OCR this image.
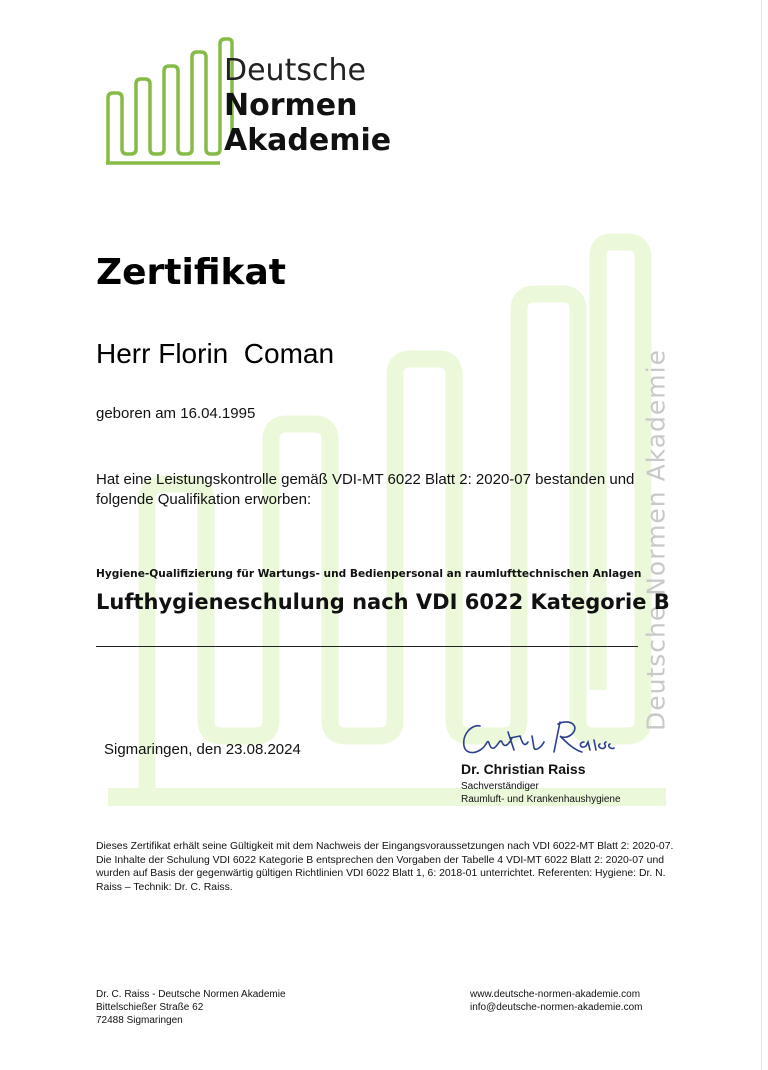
Deutsche Normen Akademie
Deutsche
Normen
Akademie
Zertifikat
Herr Florin  Coman
geboren am 16.04.1995
Hat eine Leistungskontrolle gemäß VDI-MT 6022 Blatt 2: 2020-07 bestanden und folgende Qualifikation erworben:
Hygiene-Qualifizierung für Wartungs- und Bedienpersonal an raumlufttechnischen Anlagen
Lufthygieneschulung nach VDI 6022 Kategorie B
Sigmaringen, den 23.08.2024
Dr. Christian Raiss
Sachverständiger
Raumluft- und Krankenhaushygiene
Dieses Zertifikat erhält seine Gültigkeit mit dem Nachweis der Eingangsvoraussetzungen nach VDI 6022-MT Blatt 2: 2020-07. Die Inhalte der Schulung VDI 6022 Kategorie B entsprechen den Vorgaben der Tabelle 4 VDI-MT 6022 Blatt 2: 2020-07 und wurden auf Basis der gegenwärtig gültigen Richtlinien VDI 6022 Blatt 1, 6: 2018-01 unterrichtet. Referenten: Hygiene: Dr. N. Raiss – Technik: Dr. C. Raiss.
Dr. C. Raiss - Deutsche Normen Akademie
Bittelschießer Straße 62
72488 Sigmaringen
www.deutsche-normen-akademie.com
info@deutsche-normen-akademie.com
